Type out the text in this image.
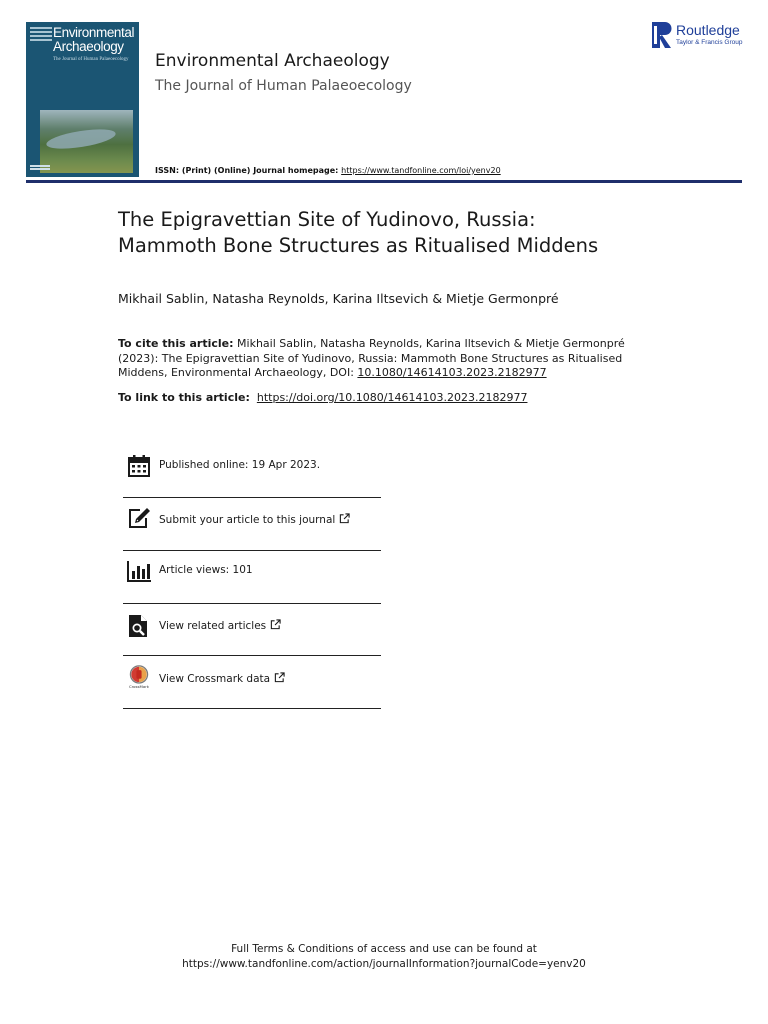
Environmental
Archaeology
The Journal of Human Palaeoecology Environmental Archaeology
The Journal of Human Palaeoecology
Routledge
Taylor & Francis Group
ISSN: (Print) (Online) Journal homepage: https://www.tandfonline.com/loi/yenv20
The Epigravettian Site of Yudinovo, Russia:
Mammoth Bone Structures as Ritualised Middens
Mikhail Sablin, Natasha Reynolds, Karina Iltsevich & Mietje Germonpré
To cite this article: Mikhail Sablin, Natasha Reynolds, Karina Iltsevich & Mietje Germonpré
(2023): The Epigravettian Site of Yudinovo, Russia: Mammoth Bone Structures as Ritualised
Middens, Environmental Archaeology, DOI: 10.1080/14614103.2023.2182977
To link to this article: https://doi.org/10.1080/14614103.2023.2182977
Published online: 19 Apr 2023.
Submit your article to this journal
Article views: 101
View related articles
CrossMark
View Crossmark data
Full Terms & Conditions of access and use can be found at
https://www.tandfonline.com/action/journalInformation?journalCode=yenv20
